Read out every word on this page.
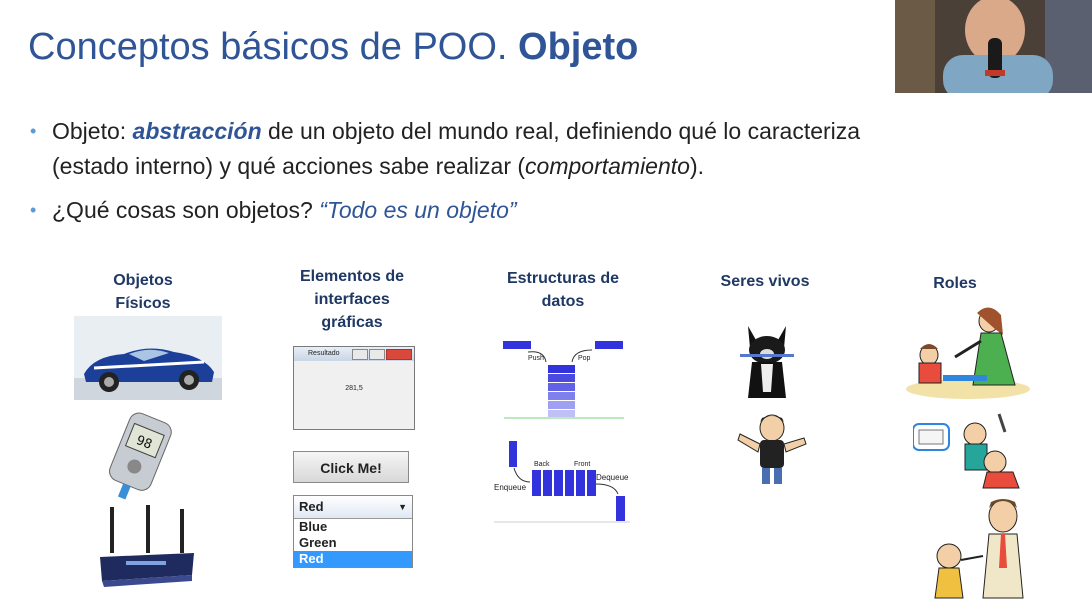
Conceptos básicos de POO. Objeto
• Objeto: abstracción de un objeto del mundo real, definiendo qué lo caracteriza
(estado interno) y qué acciones sabe realizar (comportamiento).
• ¿Qué cosas son objetos? “Todo es un objeto”
Objetos
Físicos
Elementos de
interfaces
gráficas
Estructuras de
datos
Seres vivos	Roles
98
Resultado
281,5
Click Me!
Red	▼
Blue
Green
Red
Push	Pop
Enqueue
Back	Front
Dequeue
